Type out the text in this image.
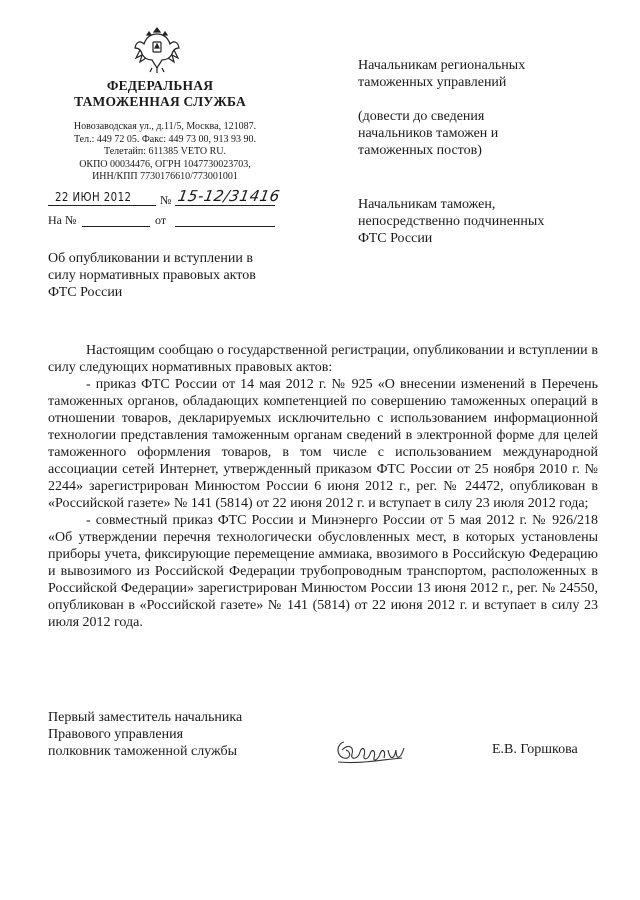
ФЕДЕРАЛЬНАЯ
ТАМОЖЕННАЯ СЛУЖБА
Новозаводская ул., д.11/5, Москва, 121087.
Тел.: 449 72 05. Факс: 449 73 00, 913 93 90.
Телетайп: 611385 VETO RU.
ОКПО 00034476, ОГРН 1047730023703,
ИНН/КПП 7730176610/773001001
22 ИЮН 2012	№ 15-12/31416
На №	от
Начальникам региональных
таможенных управлений
(довести до сведения
начальников таможен и
таможенных постов)
Начальникам таможен,
непосредственно подчиненных
ФТС России
Об опубликовании и вступлении в
силу нормативных правовых актов
ФТС России

Настоящим сообщаю о государственной регистрации, опубликовании и вступлении в силу следующих нормативных правовых актов:

- приказ ФТС России от 14 мая 2012 г. № 925 «О внесении изменений в Перечень таможенных органов, обладающих компетенцией по совершению таможенных операций в отношении товаров, декларируемых исключительно с использованием информационной технологии представления таможенным органам сведений в электронной форме для целей таможенного оформления товаров, в том числе с использованием международной ассоциации сетей Интернет, утвержденный приказом ФТС России от 25 ноября 2010 г. № 2244» зарегистрирован Минюстом России 6 июня 2012 г., рег. № 24472, опубликован в «Российской газете» № 141 (5814) от 22 июня 2012 г. и вступает в силу 23 июля 2012 года;

- совместный приказ ФТС России и Минэнерго России от 5 мая 2012 г. № 926/218 «Об утверждении перечня технологически обусловленных мест, в которых установлены приборы учета, фиксирующие перемещение аммиака, ввозимого в Российскую Федерацию и вывозимого из Российской Федерации трубопроводным транспортом, расположенных в Российской Федерации» зарегистрирован Минюстом России 13 июня 2012 г., рег. № 24550, опубликован в «Российской газете» № 141 (5814) от 22 июня 2012 г. и вступает в силу 23 июля 2012 года.

Первый заместитель начальника
Правового управления
полковник таможенной службы	Е.В. Горшкова
